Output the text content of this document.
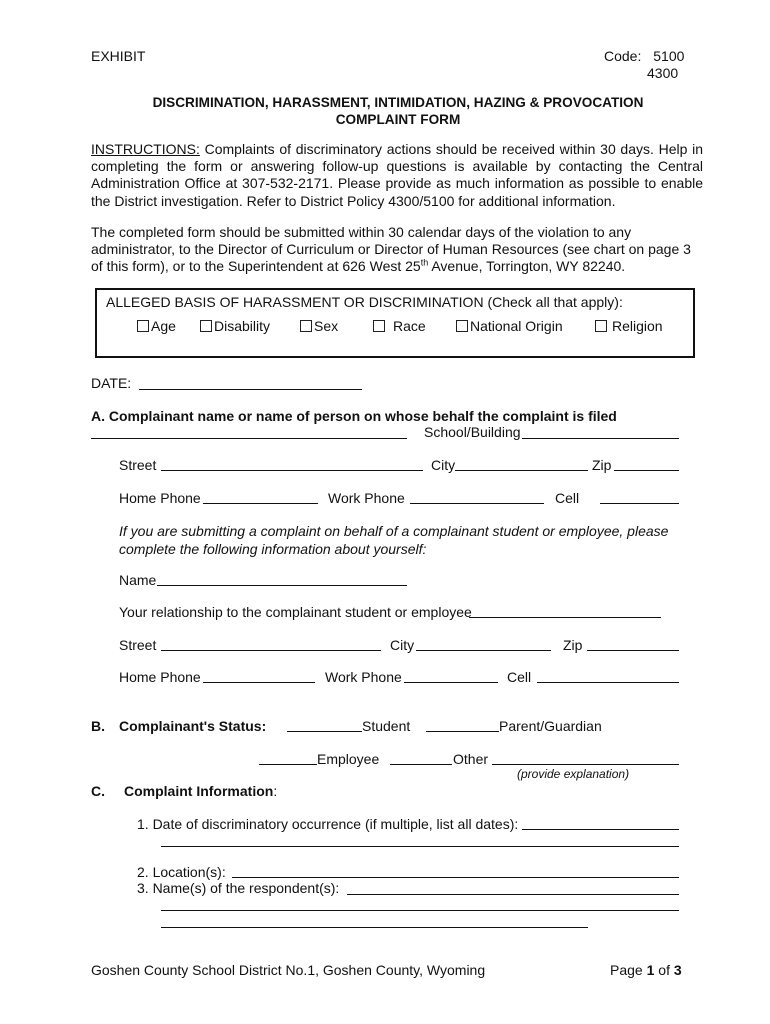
EXHIBIT	Code: 5100
4300
DISCRIMINATION, HARASSMENT, INTIMIDATION, HAZING & PROVOCATION
COMPLAINT FORM
INSTRUCTIONS: Complaints of discriminatory actions should be received within 30 days. Help in completing the form or answering follow-up questions is available by contacting the Central Administration Office at 307-532-2171. Please provide as much information as possible to enable the District investigation. Refer to District Policy 4300/5100 for additional information.
The completed form should be submitted within 30 calendar days of the violation to any administrator, to the Director of Curriculum or Director of Human Resources (see chart on page 3 of this form), or to the Superintendent at 626 West 25th Avenue, Torrington, WY 82240.
ALLEGED BASIS OF HARASSMENT OR DISCRIMINATION (Check all that apply):
Age	Disability	Sex	Race	National Origin	Religion
DATE:
A. Complainant name or name of person on whose behalf the complaint is filed
School/Building
Street	City	Zip
Home Phone	Work Phone	Cell
If you are submitting a complaint on behalf of a complainant student or employee, please complete the following information about yourself:
Name
Your relationship to the complainant student or employee
Street	City	Zip
Home Phone	Work Phone	Cell
B. Complainant's Status:	Student	Parent/Guardian
Employee	Other
(provide explanation)
C. Complaint Information:
1. Date of discriminatory occurrence (if multiple, list all dates):
2. Location(s):
3. Name(s) of the respondent(s):
Goshen County School District No.1, Goshen County, Wyoming	Page 1 of 3
